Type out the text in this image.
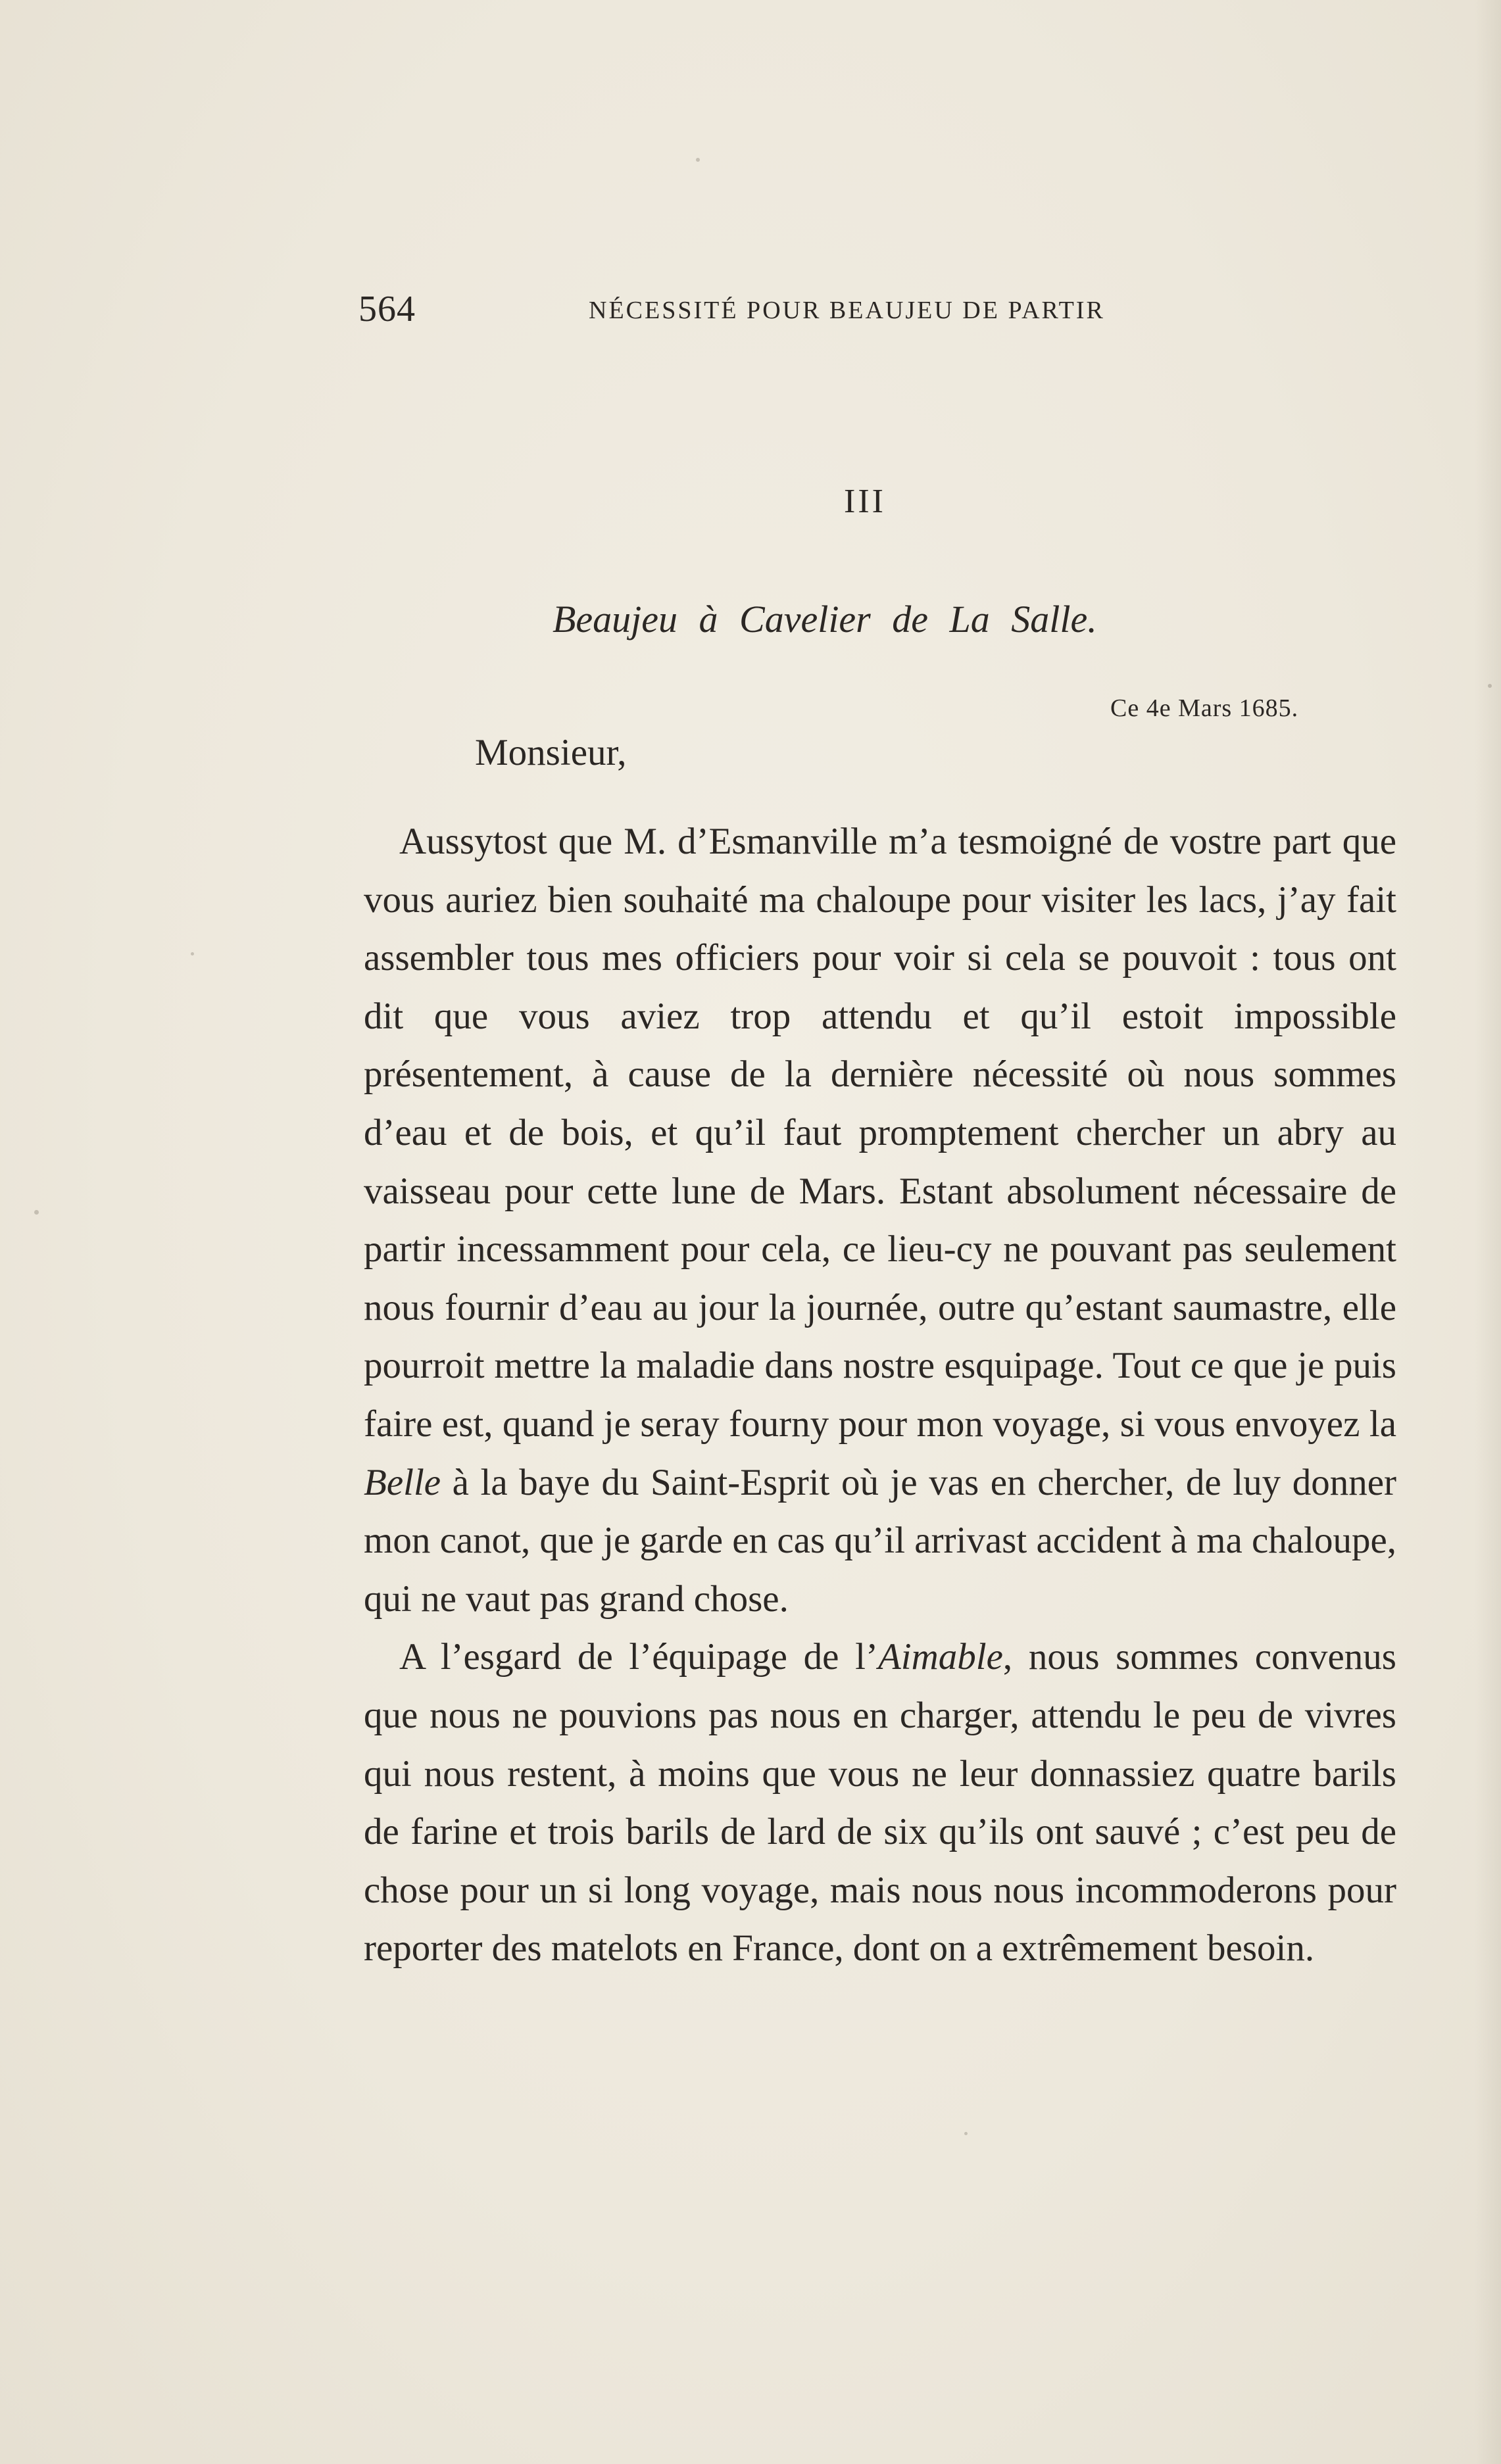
564	NÉCESSITÉ POUR BEAUJEU DE PARTIR
III
Beaujeu à Cavelier de La Salle.
Ce 4e Mars 1685.
Monsieur,

Aussytost que M. d’Esmanville m’a tesmoigné de vostre part que vous auriez bien souhaité ma chaloupe pour visiter les lacs, j’ay fait assembler tous mes officiers pour voir si cela se pouvoit : tous ont dit que vous aviez trop attendu et qu’il estoit impossible présentement, à cause de la dernière nécessité où nous sommes d’eau et de bois, et qu’il faut promptement chercher un abry au vaisseau pour cette lune de Mars. Estant absolument nécessaire de partir incessamment pour cela, ce lieu-cy ne pouvant pas seulement nous fournir d’eau au jour la journée, outre qu’estant saumastre, elle pourroit mettre la maladie dans nostre esquipage. Tout ce que je puis faire est, quand je seray fourny pour mon voyage, si vous envoyez la Belle à la baye du Saint-Esprit où je vas en chercher, de luy donner mon canot, que je garde en cas qu’il arrivast accident à ma chaloupe, qui ne vaut pas grand chose.

A l’esgard de l’équipage de l’Aimable, nous sommes convenus que nous ne pouvions pas nous en charger, attendu le peu de vivres qui nous restent, à moins que vous ne leur donnassiez quatre barils de farine et trois barils de lard de six qu’ils ont sauvé ; c’est peu de chose pour un si long voyage, mais nous nous incommoderons pour reporter des matelots en France, dont on a extrêmement besoin.
